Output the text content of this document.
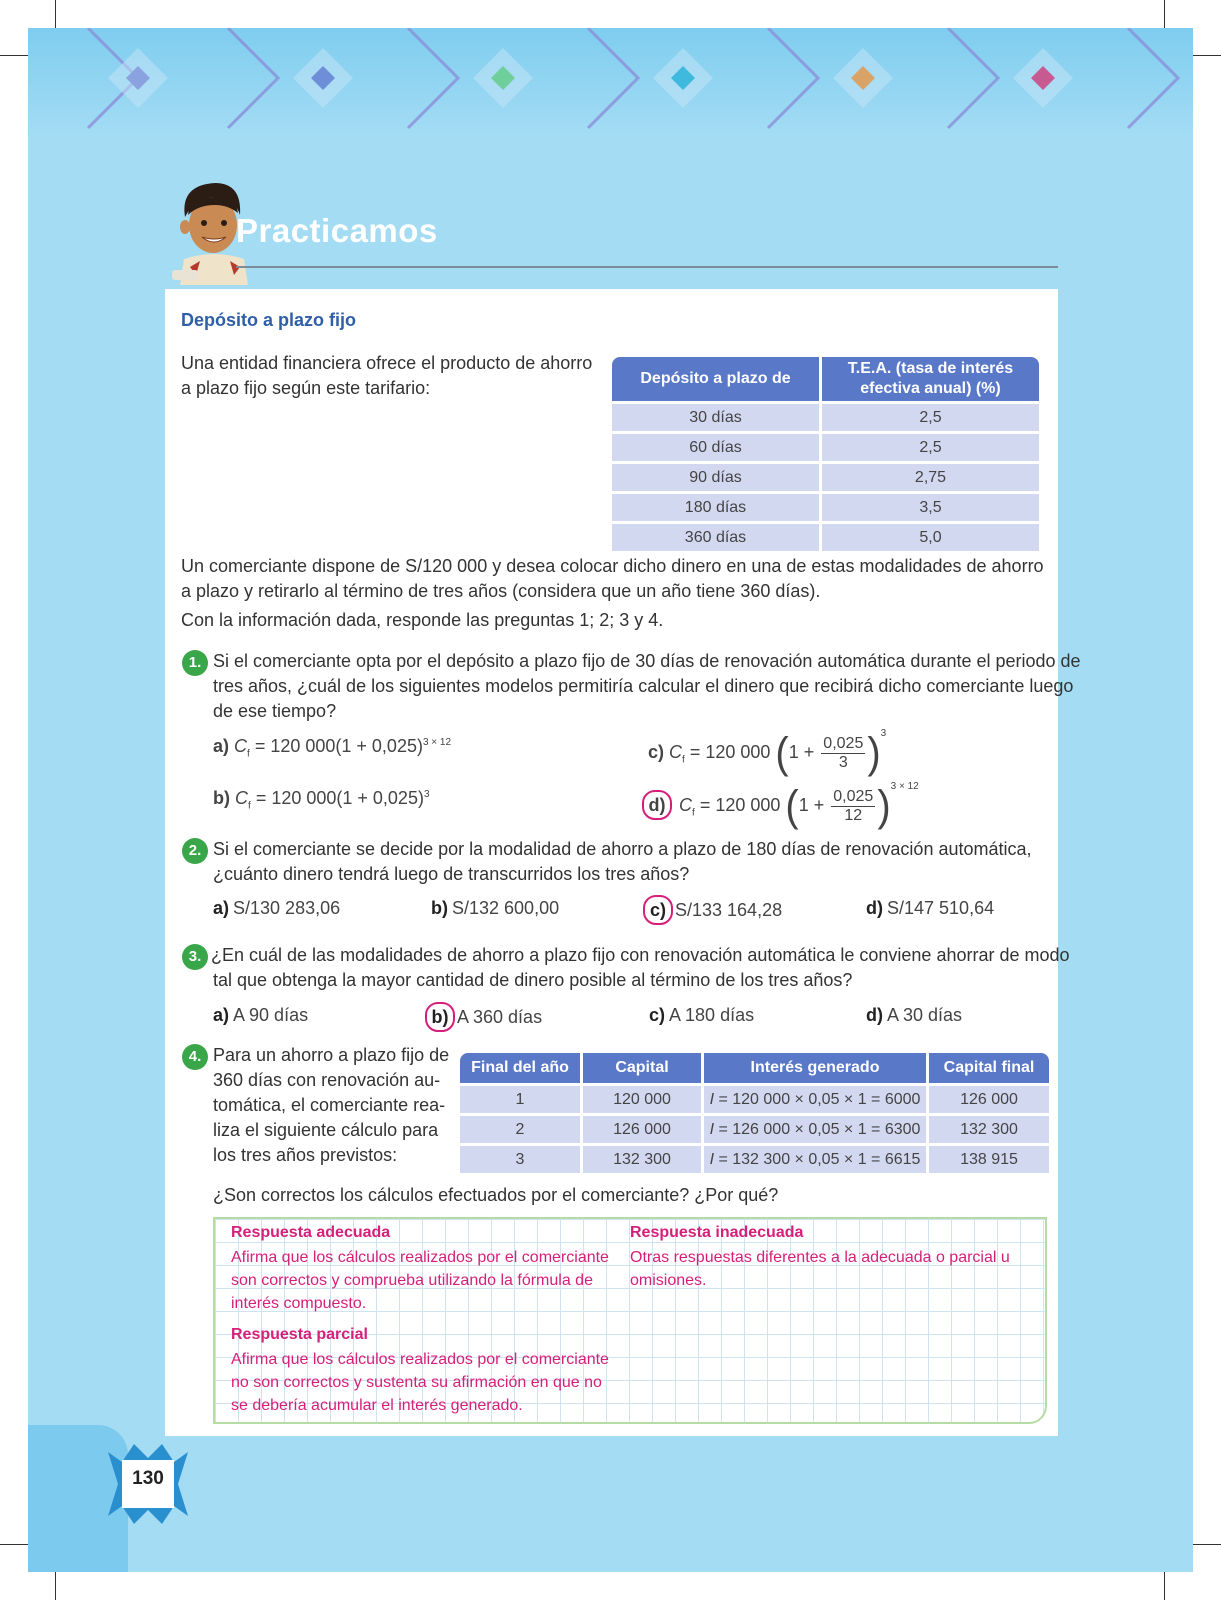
Practicamos
Depósito a plazo fijo
Una entidad financiera ofrece el producto de ahorro
a plazo fijo según este tarifario:	Depósito a plazo de	T.E.A. (tasa de interés
efectiva anual) (%)
30 días	2,5
60 días	2,5
90 días	2,75
180 días	3,5
360 días	5,0
Un comerciante dispone de S/120 000 y desea colocar dicho dinero en una de estas modalidades de ahorro
a plazo y retirarlo al término de tres años (considera que un año tiene 360 días).
Con la información dada, responde las preguntas 1; 2; 3 y 4.
1. Si el comerciante opta por el depósito a plazo fijo de 30 días de renovación automática durante el periodo de
tres años, ¿cuál de los siguientes modelos permitiría calcular el dinero que recibirá dicho comerciante luego
de ese tiempo?
a) $C_f = 120$ $000(1 + 0,025)^{3 \times 12}$
b) $C_f = 120$ $000(1 + 0,025)^3$
c) $C_f = 120$ 000 $(1 + \frac{0,025}{3} )^3$
d) $C_f = 120$ 000 $(1 + \frac{0,025}{12} )^{3 \times 12}$
2. Si el comerciante se decide por la modalidad de ahorro a plazo de 180 días de renovación automática,
¿cuánto dinero tendrá luego de transcurridos los tres años?
a) S/130 283,06	b) S/132 600,00	c) S/133 164,28	d) S/147 510,64
3. ¿En cuál de las modalidades de ahorro a plazo fijo con renovación automática le conviene ahorrar de modo
tal que obtenga la mayor cantidad de dinero posible al término de los tres años?
a) A 90 días	b) A 360 días	c) A 180 días	d) A 30 días
4. Para un ahorro a plazo fijo de
360 días con renovación au-
tomática, el comerciante rea-
liza el siguiente cálculo para
los tres años previstos:
Final del año	Capital	Interés generado	Capital final
1	120 000	I = 120 000 × 0,05 × 1 = 6000	126 000
2	126 000	I = 126 000 × 0,05 × 1 = 6300	132 300
3	132 300	I = 132 300 × 0,05 × 1 = 6615	138 915
¿Son correctos los cálculos efectuados por el comerciante? ¿Por qué?
Respuesta adecuada
Afirma que los cálculos realizados por el comerciante
son correctos y comprueba utilizando la fórmula de
interés compuesto.
Respuesta parcial
Afirma que los cálculos realizados por el comerciante
no son correctos y sustenta su afirmación en que no
se debería acumular el interés generado.
Respuesta inadecuada
Otras respuestas diferentes a la adecuada o parcial u
omisiones.
130
